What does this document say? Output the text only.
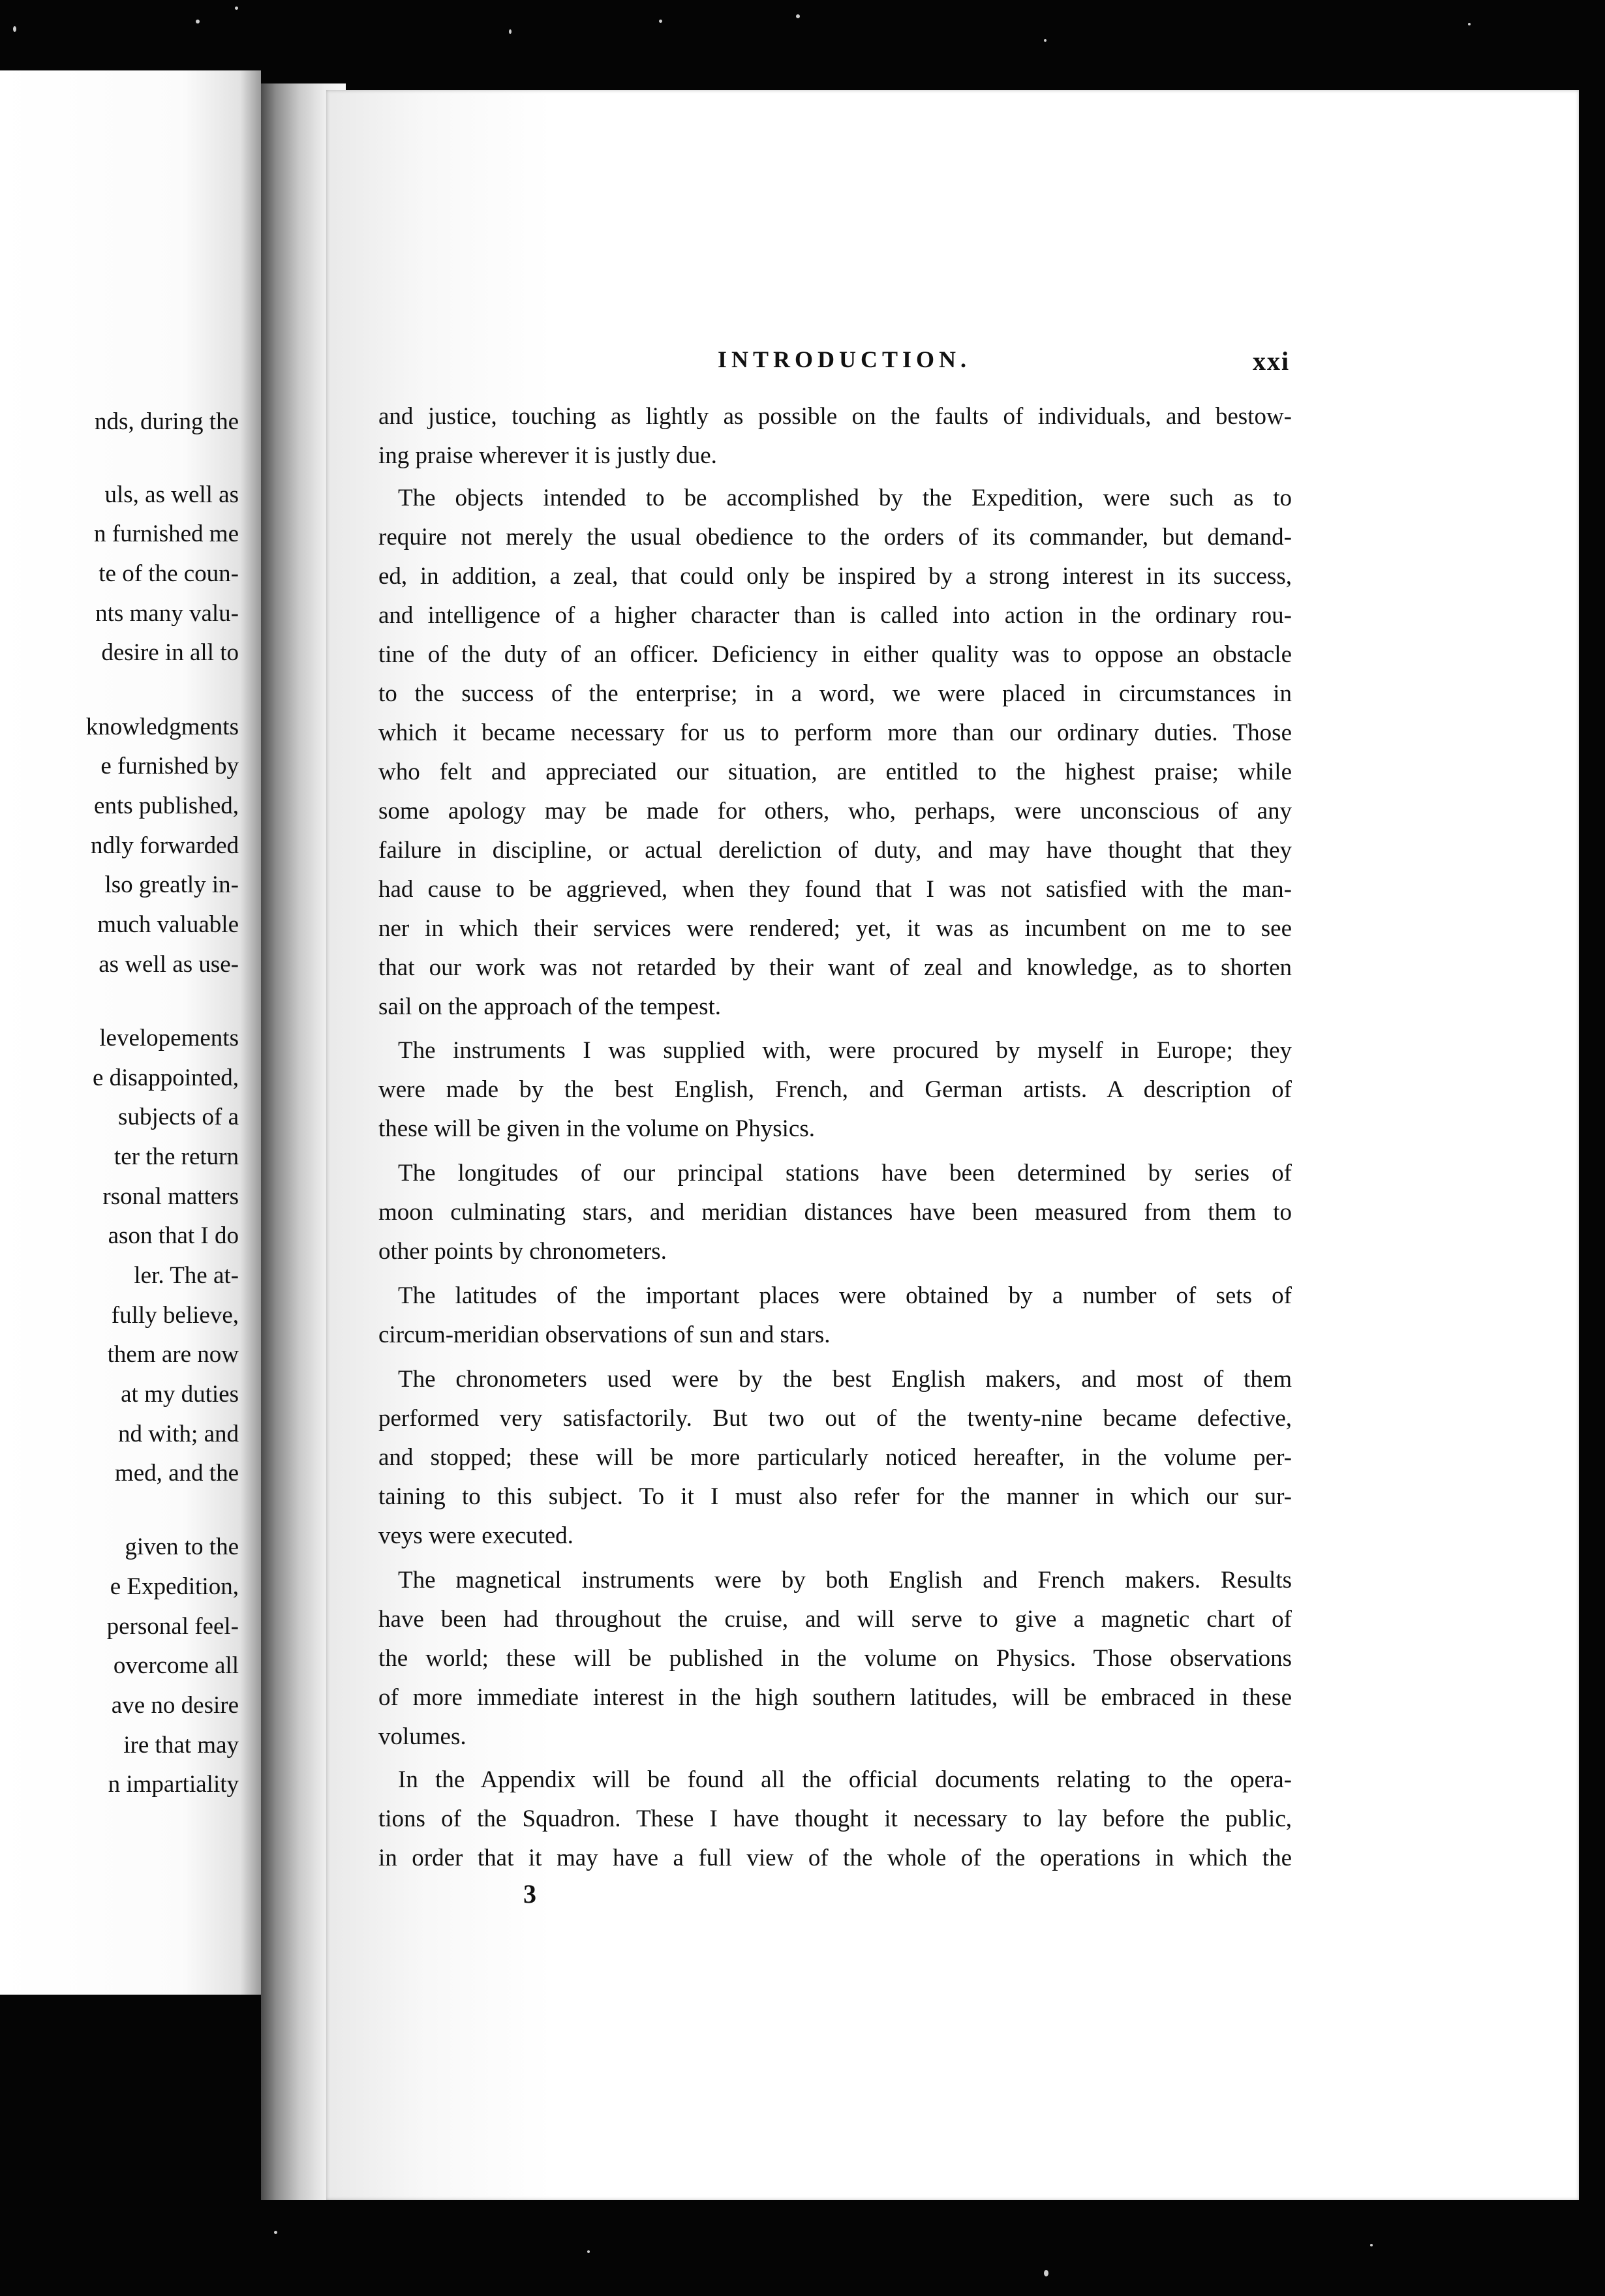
nds, during the
uls, as well as
n furnished me
te of the coun-
nts many valu-
desire in all to
knowledgments
e furnished by
ents published,
ndly forwarded
lso greatly in-
much valuable
as well as use-
levelopements
e disappointed,
subjects of a
ter the return
rsonal matters
ason that I do
ler. The at-
fully believe,
them are now
at my duties
nd with; and
med, and the
given to the
e Expedition,
personal feel-
overcome all
ave no desire
ire that may
n impartiality
INTRODUCTION.	xxi
and justice, touching as lightly as possible on the faults of individuals, and bestow-
ing praise wherever it is justly due.
The objects intended to be accomplished by the Expedition, were such as to
require not merely the usual obedience to the orders of its commander, but demand-
ed, in addition, a zeal, that could only be inspired by a strong interest in its success,
and intelligence of a higher character than is called into action in the ordinary rou-
tine of the duty of an officer. Deficiency in either quality was to oppose an obstacle
to the success of the enterprise; in a word, we were placed in circumstances in
which it became necessary for us to perform more than our ordinary duties. Those
who felt and appreciated our situation, are entitled to the highest praise; while
some apology may be made for others, who, perhaps, were unconscious of any
failure in discipline, or actual dereliction of duty, and may have thought that they
had cause to be aggrieved, when they found that I was not satisfied with the man-
ner in which their services were rendered; yet, it was as incumbent on me to see
that our work was not retarded by their want of zeal and knowledge, as to shorten
sail on the approach of the tempest.
The instruments I was supplied with, were procured by myself in Europe; they
were made by the best English, French, and German artists. A description of
these will be given in the volume on Physics.
The longitudes of our principal stations have been determined by series of
moon culminating stars, and meridian distances have been measured from them to
other points by chronometers.
The latitudes of the important places were obtained by a number of sets of
circum-meridian observations of sun and stars.
The chronometers used were by the best English makers, and most of them
performed very satisfactorily. But two out of the twenty-nine became defective,
and stopped; these will be more particularly noticed hereafter, in the volume per-
taining to this subject. To it I must also refer for the manner in which our sur-
veys were executed.
The magnetical instruments were by both English and French makers. Results
have been had throughout the cruise, and will serve to give a magnetic chart of
the world; these will be published in the volume on Physics. Those observations
of more immediate interest in the high southern latitudes, will be embraced in these
volumes.
In the Appendix will be found all the official documents relating to the opera-
tions of the Squadron. These I have thought it necessary to lay before the public,
in order that it may have a full view of the whole of the operations in which the
3
